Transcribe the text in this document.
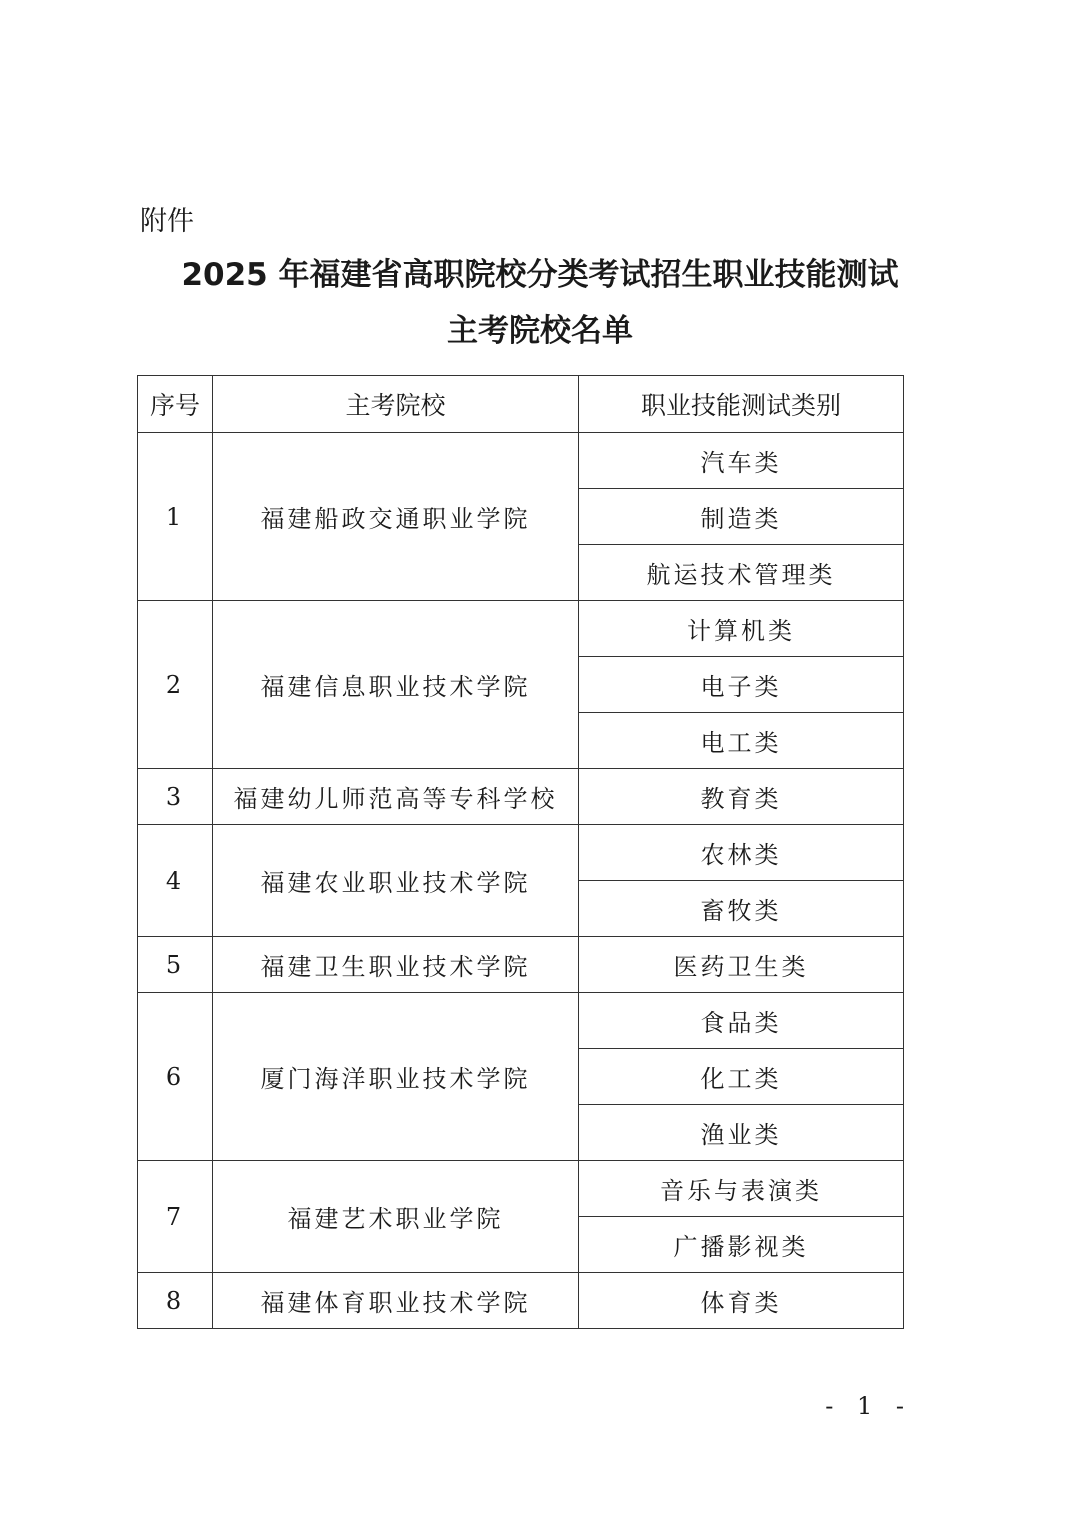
附件
2025 年福建省高职院校分类考试招生职业技能测试
主考院校名单
序号	主考院校	职业技能测试类别
1	福建船政交通职业学院	汽车类
		制造类
		航运技术管理类
2	福建信息职业技术学院	计算机类
		电子类
		电工类
3	福建幼儿师范高等专科学校	教育类
4	福建农业职业技术学院	农林类
		畜牧类
5	福建卫生职业技术学院	医药卫生类
6	厦门海洋职业技术学院	食品类
		化工类
		渔业类
7	福建艺术职业学院	音乐与表演类
		广播影视类
8	福建体育职业技术学院	体育类
- 1 -
